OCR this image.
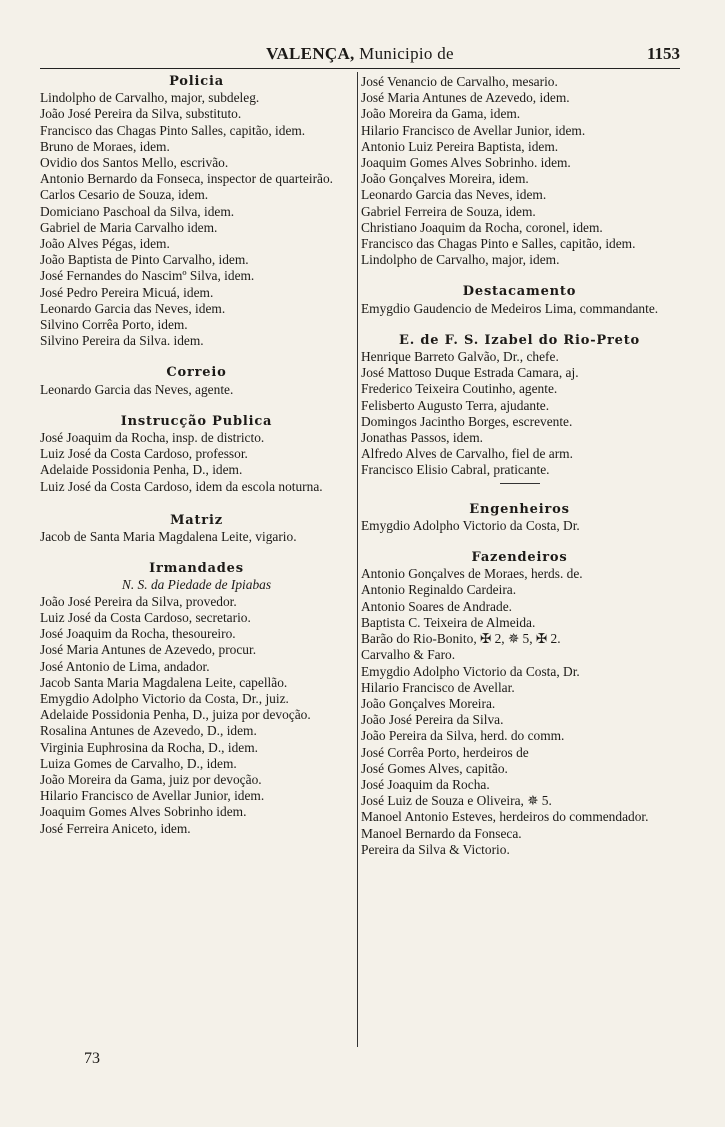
VALENÇA, Municipio de	1153

Policia

Lindolpho de Carvalho, major, subdeleg.

João José Pereira da Silva, substituto.

Francisco das Chagas Pinto Salles, capitão, idem.

Bruno de Moraes, idem.

Ovidio dos Santos Mello, escrivão.

Antonio Bernardo da Fonseca, inspector de quarteirão.

Carlos Cesario de Souza, idem.

Domiciano Paschoal da Silva, idem.

Gabriel de Maria Carvalho idem.

João Alves Pégas, idem.

João Baptista de Pinto Carvalho, idem.

José Fernandes do Nascimº Silva, idem.

José Pedro Pereira Micuá, idem.

Leonardo Garcia das Neves, idem.

Silvino Corrêa Porto, idem.

Silvino Pereira da Silva. idem.

Correio

Leonardo Garcia das Neves, agente.

Instrucção Publica

José Joaquim da Rocha, insp. de districto.

Luiz José da Costa Cardoso, professor.

Adelaide Possidonia Penha, D., idem.

Luiz José da Costa Cardoso, idem da escola noturna.

Matriz

Jacob de Santa Maria Magdalena Leite, vigario.

Irmandades

N. S. da Piedade de Ipiabas

João José Pereira da Silva, provedor.

Luiz José da Costa Cardoso, secretario.

José Joaquim da Rocha, thesoureiro.

José Maria Antunes de Azevedo, procur.

José Antonio de Lima, andador.

Jacob Santa Maria Magdalena Leite, capellão.

Emygdio Adolpho Victorio da Costa, Dr., juiz.

Adelaide Possidonia Penha, D., juiza por devoção.

Rosalina Antunes de Azevedo, D., idem.

Virginia Euphrosina da Rocha, D., idem.

Luiza Gomes de Carvalho, D., idem.

João Moreira da Gama, juiz por devoção.

Hilario Francisco de Avellar Junior, idem.

Joaquim Gomes Alves Sobrinho idem.

José Ferreira Aniceto, idem.

José Venancio de Carvalho, mesario.

José Maria Antunes de Azevedo, idem.

João Moreira da Gama, idem.

Hilario Francisco de Avellar Junior, idem.

Antonio Luiz Pereira Baptista, idem.

Joaquim Gomes Alves Sobrinho. idem.

João Gonçalves Moreira, idem.

Leonardo Garcia das Neves, idem.

Gabriel Ferreira de Souza, idem.

Christiano Joaquim da Rocha, coronel, idem.

Francisco das Chagas Pinto e Salles, capitão, idem.

Lindolpho de Carvalho, major, idem.

Destacamento

Emygdio Gaudencio de Medeiros Lima, commandante.

E. de F. S. Izabel do Rio-Preto

Henrique Barreto Galvão, Dr., chefe.

José Mattoso Duque Estrada Camara, aj.

Frederico Teixeira Coutinho, agente.

Felisberto Augusto Terra, ajudante.

Domingos Jacintho Borges, escrevente.

Jonathas Passos, idem.

Alfredo Alves de Carvalho, fiel de arm.

Francisco Elisio Cabral, praticante.

Engenheiros

Emygdio Adolpho Victorio da Costa, Dr.

Fazendeiros

Antonio Gonçalves de Moraes, herds. de.

Antonio Reginaldo Cardeira.

Antonio Soares de Andrade.

Baptista C. Teixeira de Almeida.

Barão do Rio-Bonito, ✠ 2, ✵ 5, ✠ 2.

Carvalho & Faro.

Emygdio Adolpho Victorio da Costa, Dr.

Hilario Francisco de Avellar.

João Gonçalves Moreira.

João José Pereira da Silva.

João Pereira da Silva, herd. do comm.

José Corrêa Porto, herdeiros de

José Gomes Alves, capitão.

José Joaquim da Rocha.

José Luiz de Souza e Oliveira, ✵ 5.

Manoel Antonio Esteves, herdeiros do commendador.

Manoel Bernardo da Fonseca.

Pereira da Silva & Victorio.

73
